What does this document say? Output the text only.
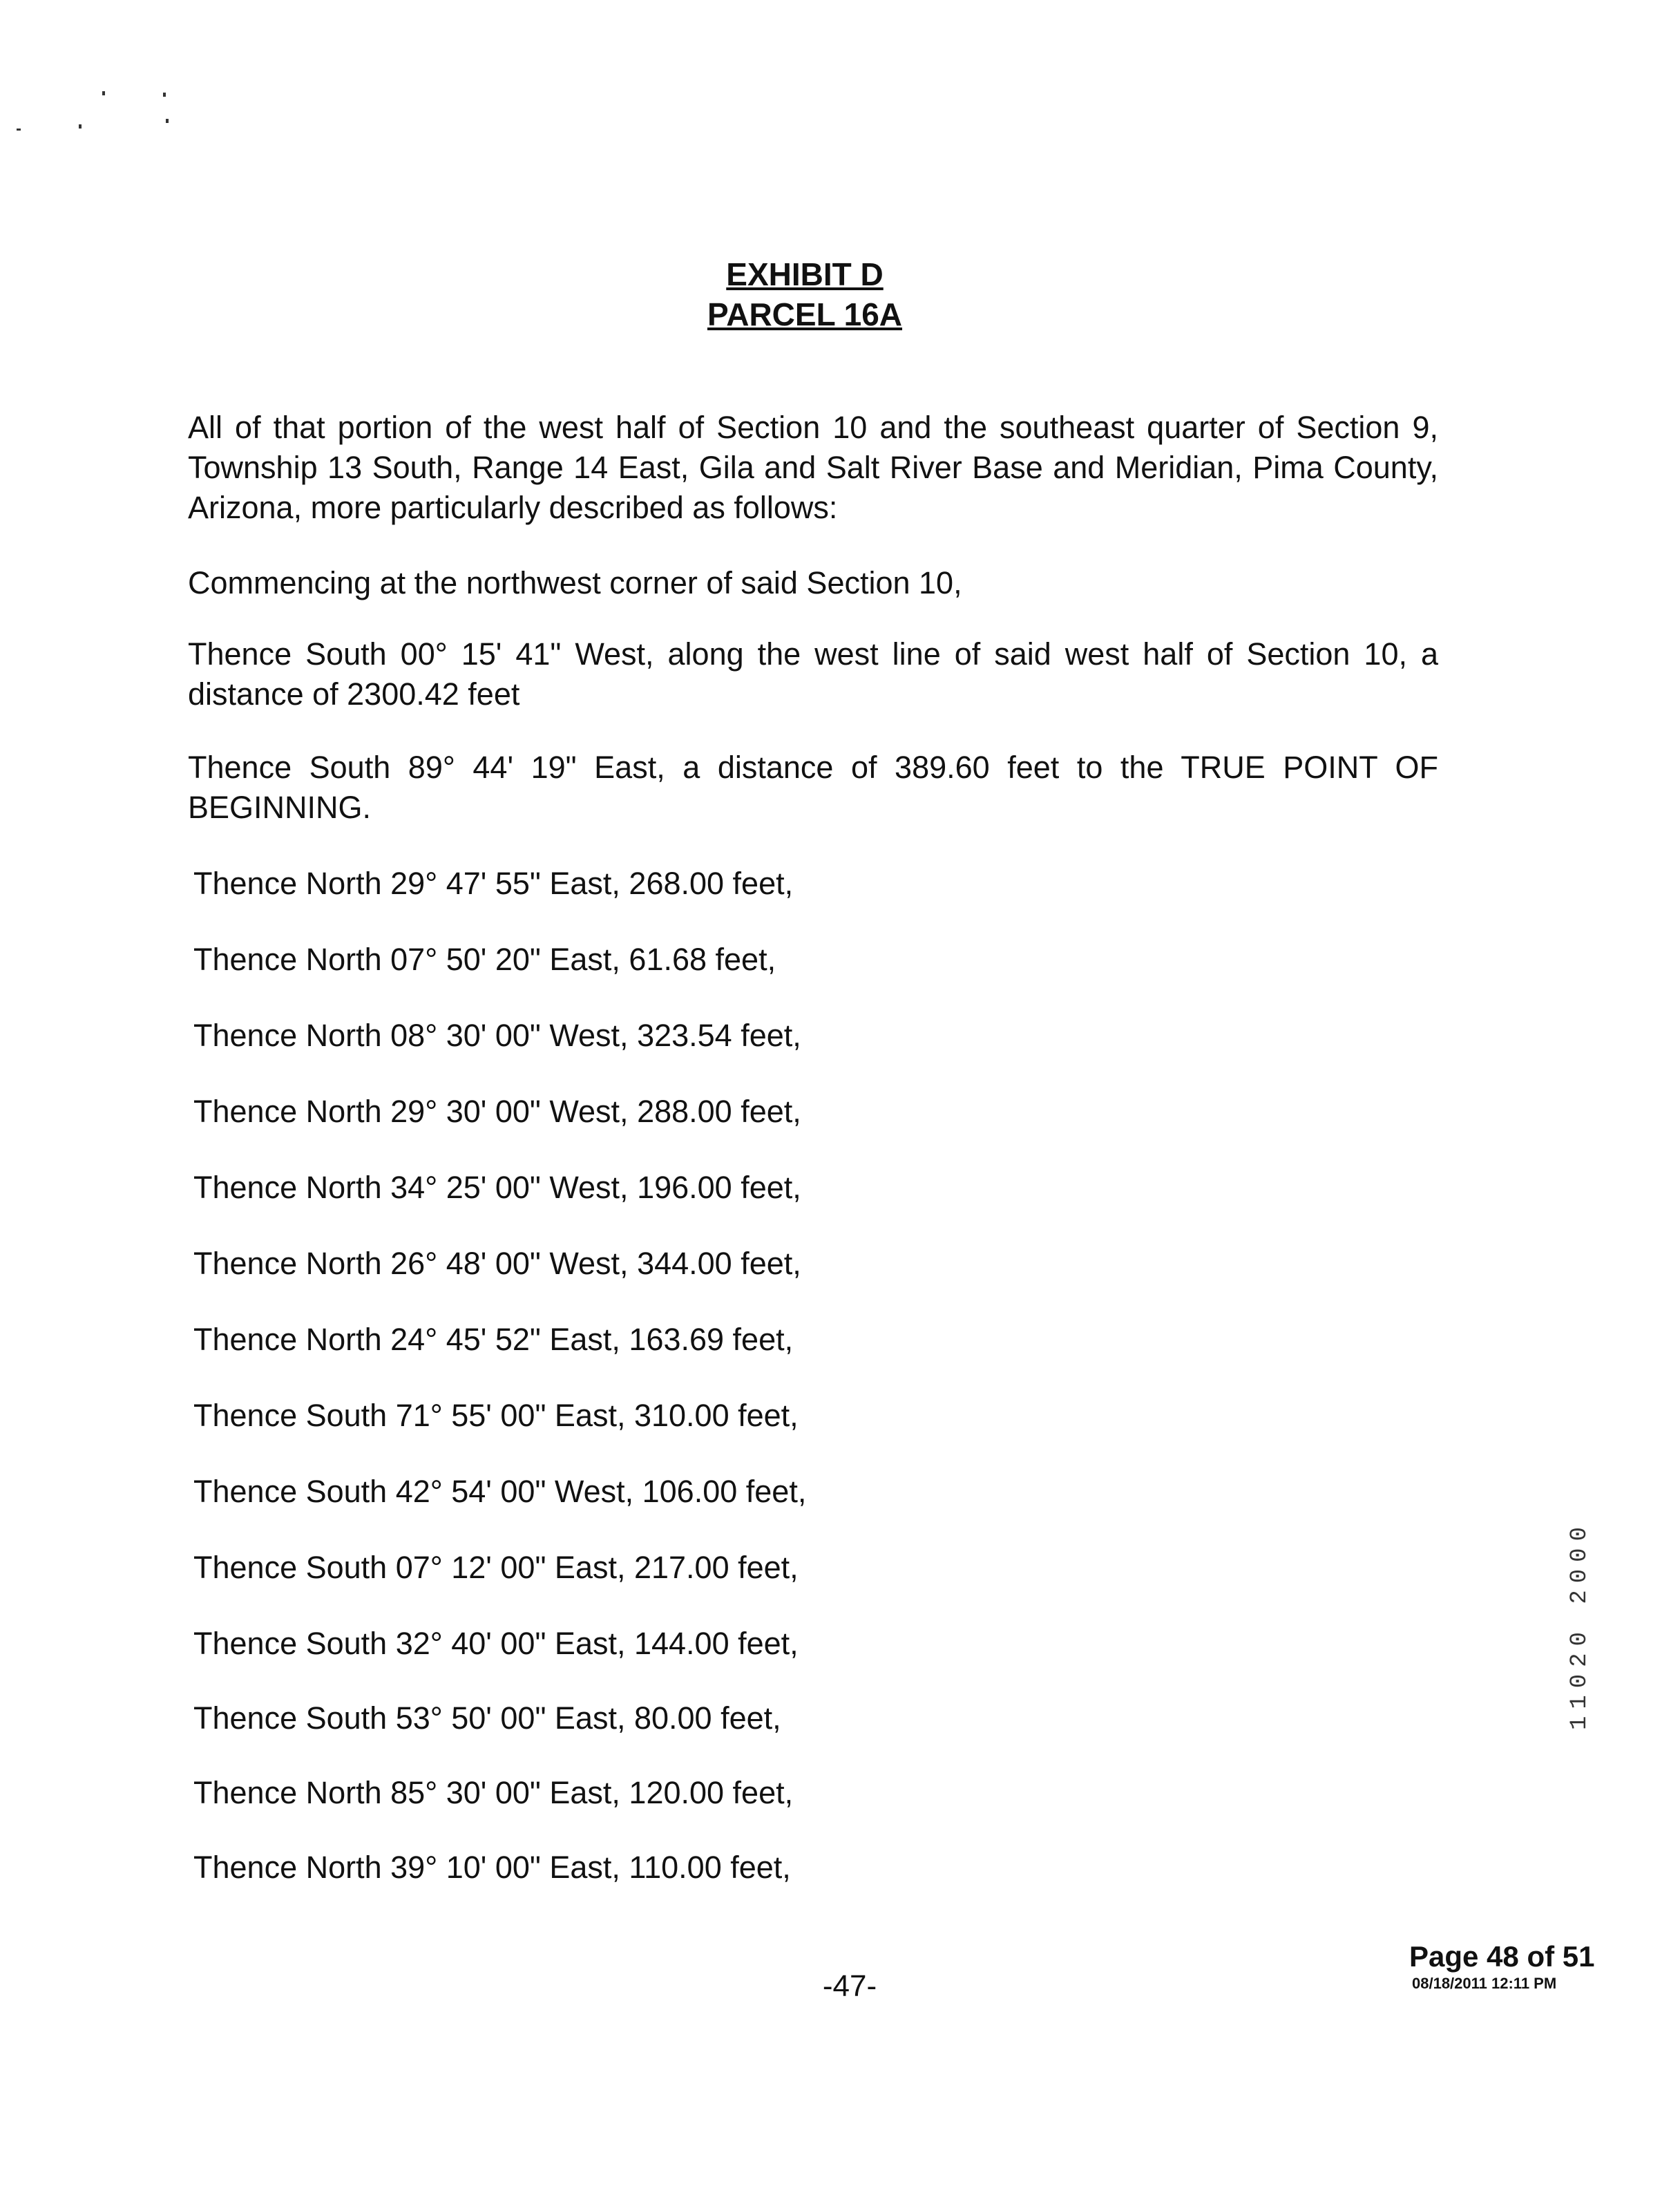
EXHIBIT D
PARCEL 16A
All of that portion of the west half of Section 10 and the southeast quarter of Section 9, Township 13 South, Range 14 East, Gila and Salt River Base and Meridian, Pima County, Arizona, more particularly described as follows:
Commencing at the northwest corner of said Section 10,
Thence South 00° 15' 41" West, along the west line of said west half of Section 10, a distance of 2300.42 feet
Thence South 89° 44' 19" East, a distance of 389.60 feet to the TRUE POINT OF BEGINNING.
Thence North 29° 47' 55" East, 268.00 feet,
Thence North 07° 50' 20" East, 61.68 feet,
Thence North 08° 30' 00" West, 323.54 feet,
Thence North 29° 30' 00" West, 288.00 feet,
Thence North 34° 25' 00" West, 196.00 feet,
Thence North 26° 48' 00" West, 344.00 feet,
Thence North 24° 45' 52" East, 163.69 feet,
Thence South 71° 55' 00" East, 310.00 feet,
Thence South 42° 54' 00" West, 106.00 feet,
Thence South 07° 12' 00" East, 217.00 feet,
Thence South 32° 40' 00" East, 144.00 feet,
Thence South 53° 50' 00" East, 80.00 feet,
Thence North 85° 30' 00" East, 120.00 feet,
Thence North 39° 10' 00" East, 110.00 feet,
11020 2000
-47-
Page 48 of 51
08/18/2011 12:11 PM
